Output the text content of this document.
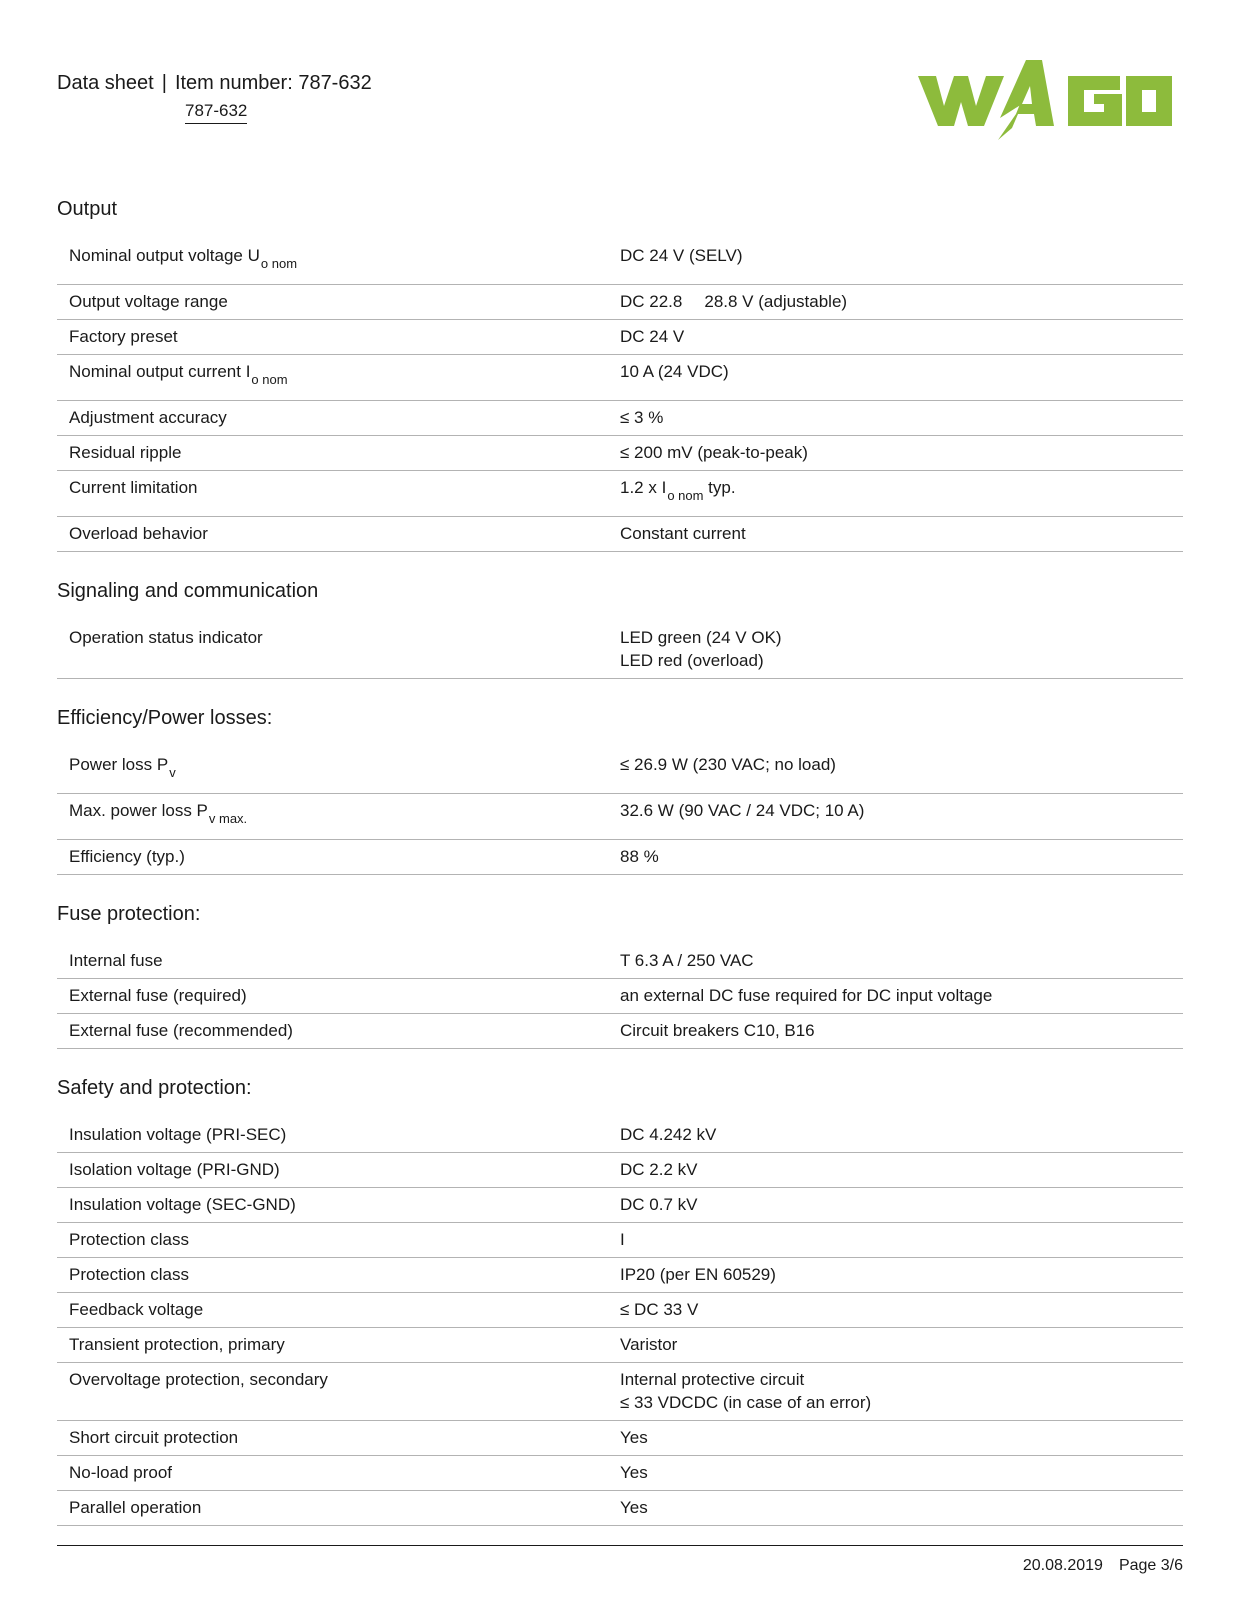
Data sheet | Item number: 787-632
787-632
Output
Nominal output voltage $U_{o nom}$	DC 24 V (SELV)
Output voltage range	DC 22.8 28.8 V (adjustable)
Factory preset	DC 24 V
Nominal output current $I_{o nom}$	10 A (24 VDC)
Adjustment accuracy	≤ 3 %
Residual ripple	≤ 200 mV (peak-to-peak)
Current limitation	1.2 x $I_{o nom}$ typ.
Overload behavior	Constant current
Signaling and communication
Operation status indicator	LED green (24 V OK)
LED red (overload)
Efficiency/Power losses:
Power loss $P_v$	≤ 26.9 W (230 VAC; no load)
Max. power loss $P_{v max.}$	32.6 W (90 VAC / 24 VDC; 10 A)
Efficiency (typ.)	88 %
Fuse protection:
Internal fuse	T 6.3 A / 250 VAC
External fuse (required)	an external DC fuse required for DC input voltage
External fuse (recommended)	Circuit breakers C10, B16
Safety and protection:
Insulation voltage (PRI-SEC)	DC 4.242 kV
Isolation voltage (PRI-GND)	DC 2.2 kV
Insulation voltage (SEC-GND)	DC 0.7 kV
Protection class	I
Protection class	IP20 (per EN 60529)
Feedback voltage	≤ DC 33 V
Transient protection, primary	Varistor
Overvoltage protection, secondary	Internal protective circuit
≤ 33 VDCDC (in case of an error)
Short circuit protection	Yes
No-load proof	Yes
Parallel operation	Yes
20.08.2019 Page 3/6
